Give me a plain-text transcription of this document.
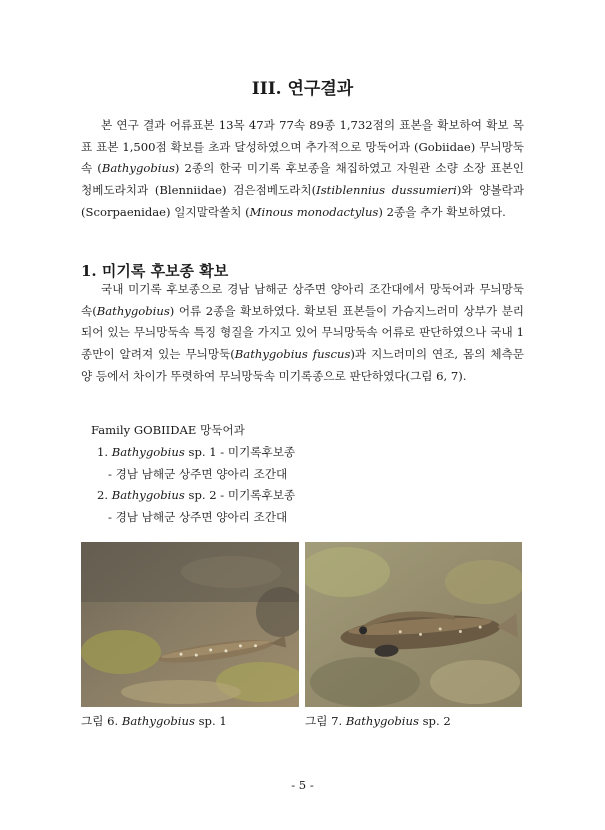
III. 연구결과

본 연구 결과 어류표본 13목 47과 77속 89종 1,732점의 표본을 확보하여 확보 목표 표본 1,500점 확보를 초과 달성하였으며 추가적으로 망둑어과 (Gobiidae) 무늬망둑속 (Bathygobius) 2종의 한국 미기록 후보종을 채집하였고 자원관 소량 소장 표본인 청베도라치과 (Blenniidae) 검은점베도라치(Istiblennius dussumieri)와 양볼락과 (Scorpaenidae) 일지말락쏠치 (Minous monodactylus) 2종을 추가 확보하였다.

1. 미기록 후보종 확보

국내 미기록 후보종으로 경남 남해군 상주면 양아리 조간대에서 망둑어과 무늬망둑속(Bathygobius) 어류 2종을 확보하였다. 확보된 표본들이 가슴지느러미 상부가 분리되어 있는 무늬망둑속 특징 형질을 가지고 있어 무늬망둑속 어류로 판단하였으나 국내 1종만이 알려져 있는 무늬망둑(Bathygobius fuscus)과 지느러미의 연조, 몸의 체측문양 등에서 차이가 뚜렷하여 무늬망둑속 미기록종으로 판단하였다(그림 6, 7).

Family GOBIIDAE 망둑어과
1. Bathygobius sp. 1 - 미기록후보종
- 경남 남해군 상주면 양아리 조간대
2. Bathygobius sp. 2 - 미기록후보종
- 경남 남해군 상주면 양아리 조간대
그림 6. Bathygobius sp. 1	그림 7. Bathygobius sp. 2
- 5 -
